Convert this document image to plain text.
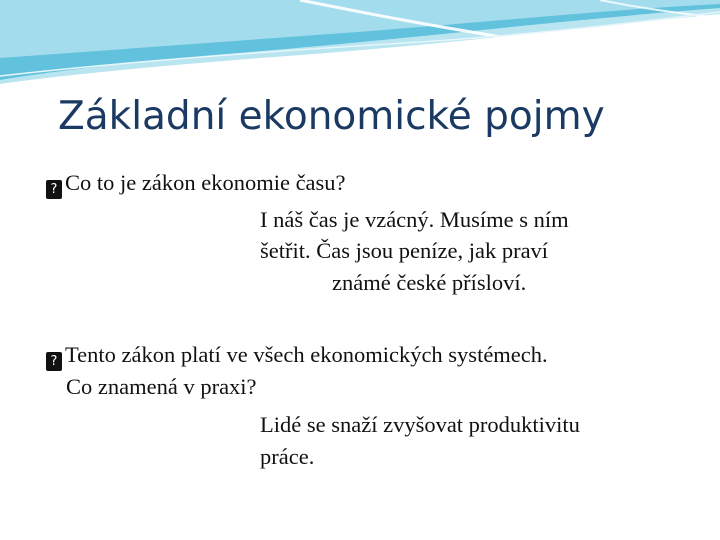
Základní ekonomické pojmy
? Co to je zákon ekonomie času?
I náš čas je vzácný. Musíme s ním
šetřit. Čas jsou peníze, jak praví
známé české přísloví.
? Tento zákon platí ve všech ekonomických systémech.
Co znamená v praxi?
Lidé se snaží zvyšovat produktivitu
práce.
